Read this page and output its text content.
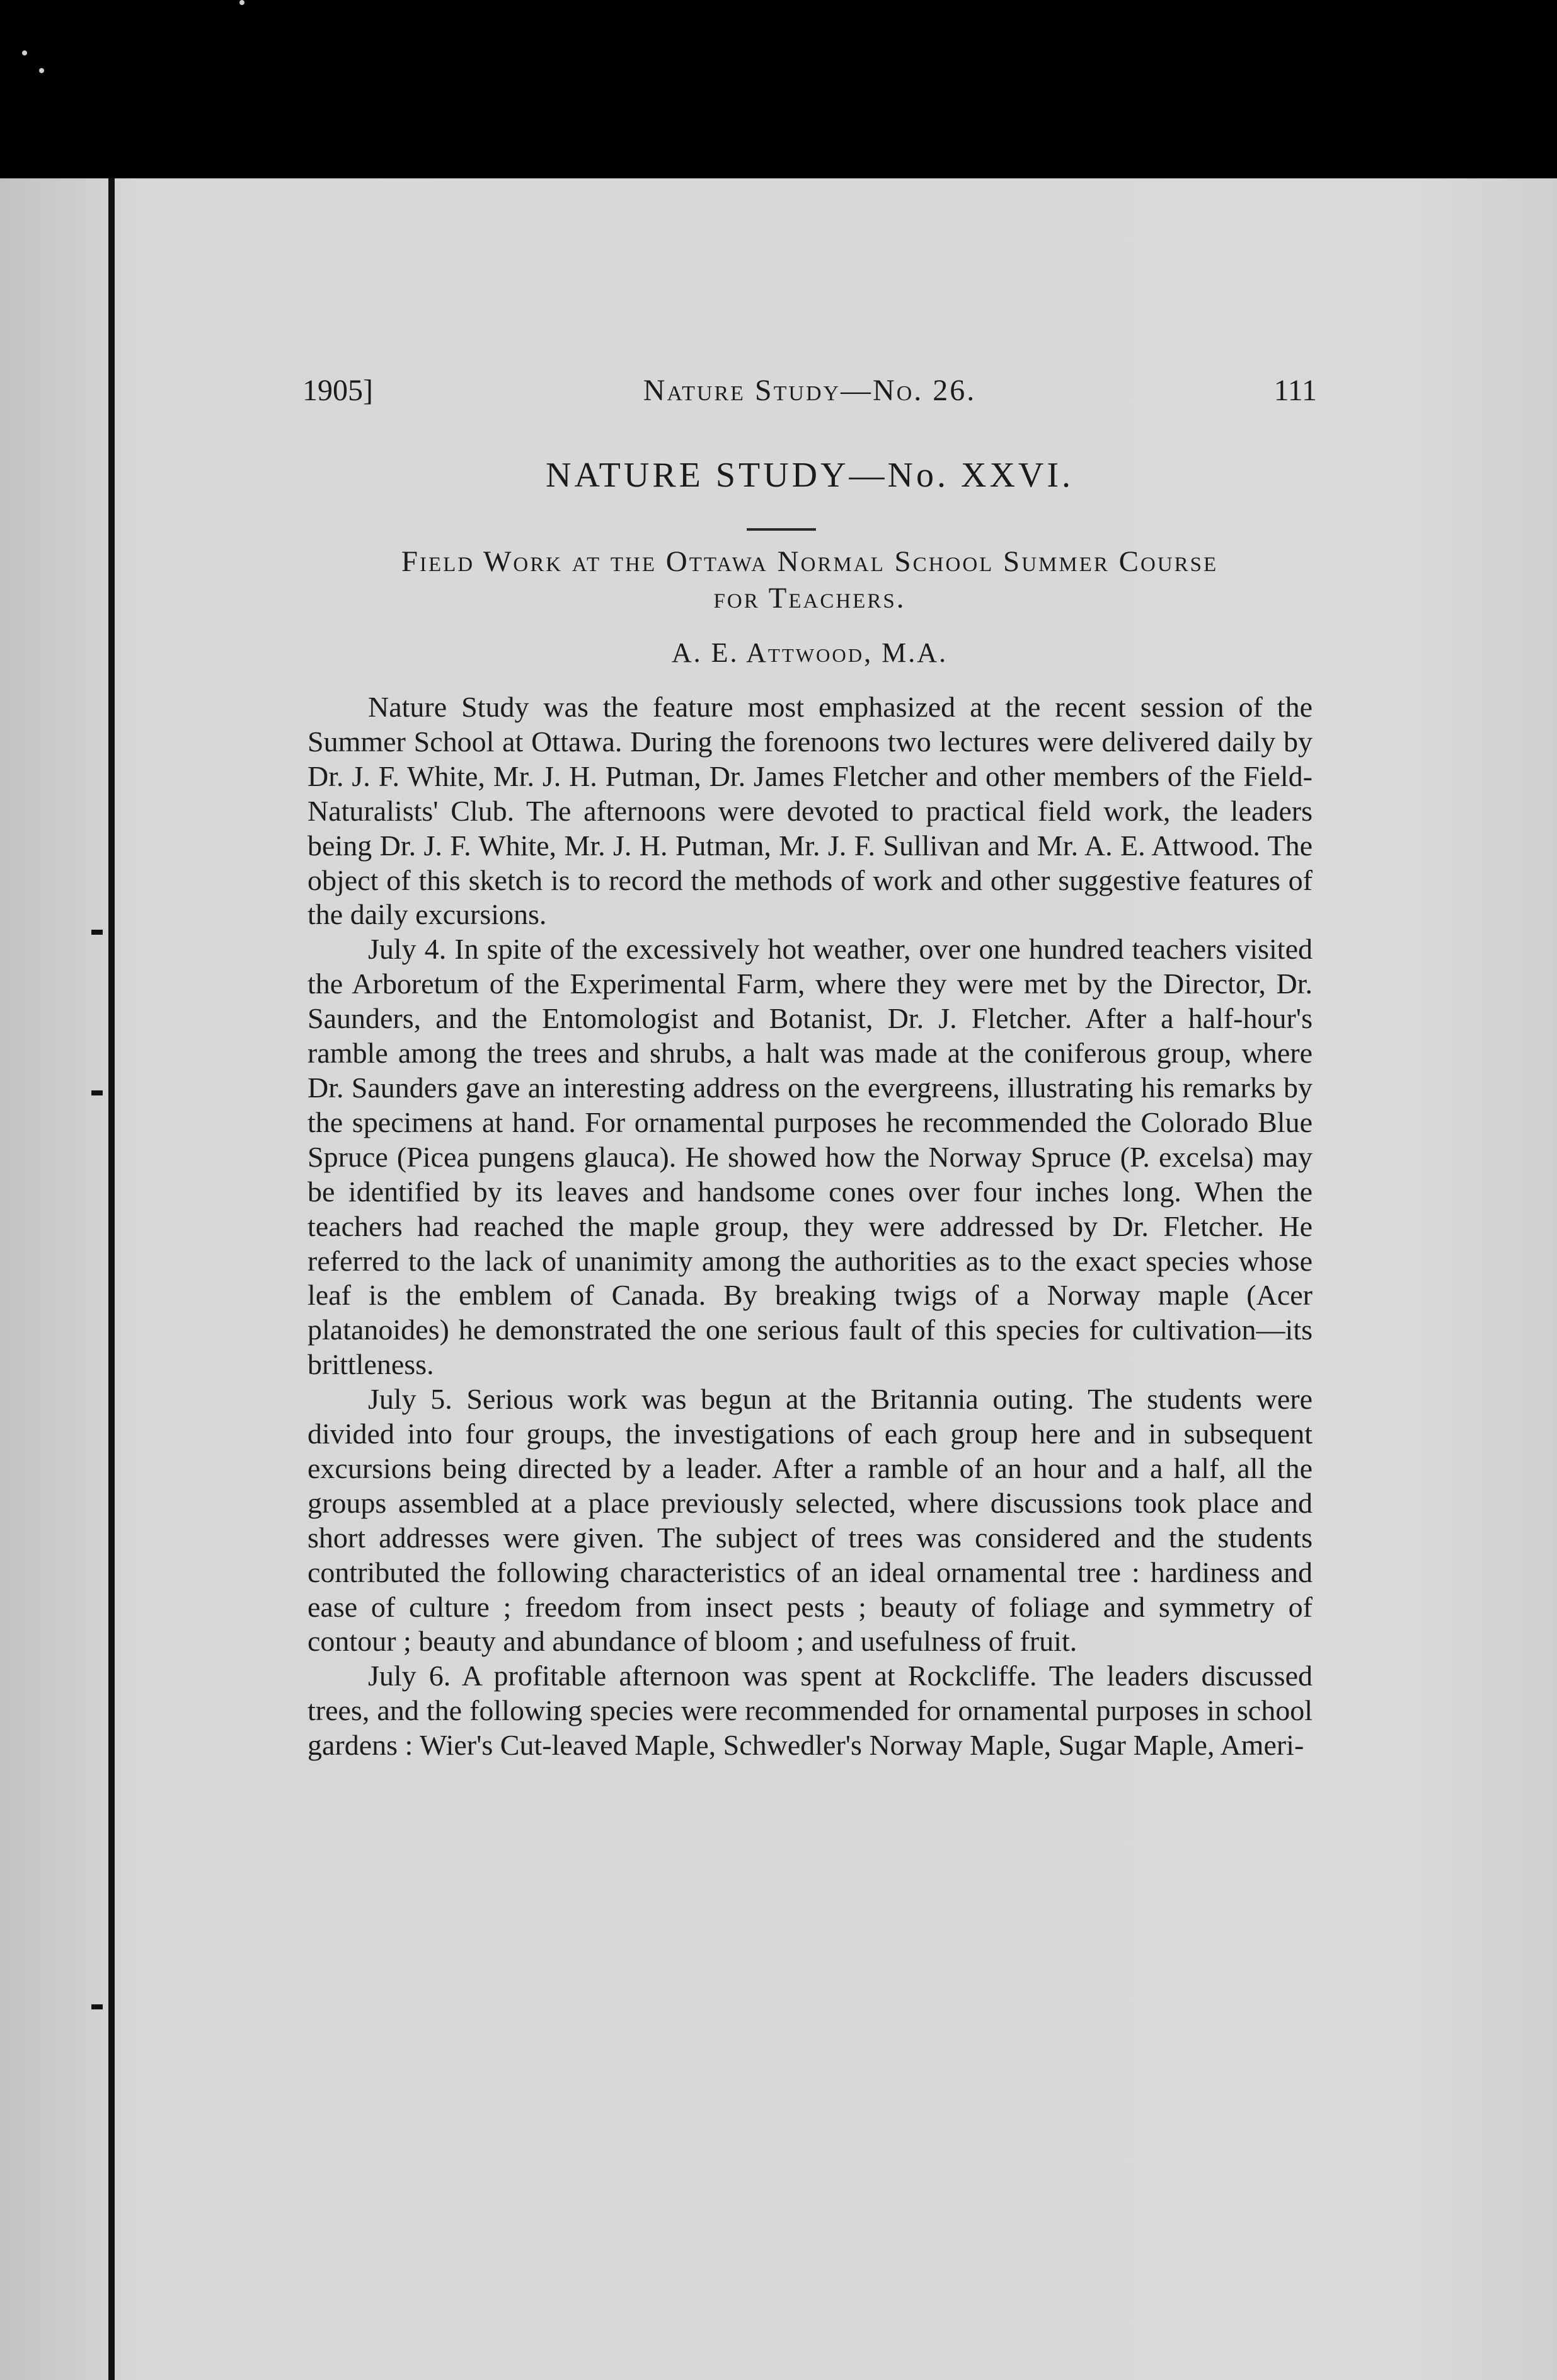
1905]	Nature Study—No. 26.	111
NATURE STUDY—No. XXVI.
Field Work at the Ottawa Normal School Summer Course
for Teachers.
A. E. Attwood, M.A.

Nature Study was the feature most emphasized at the recent session of the Summer School at Ottawa. During the forenoons two lectures were delivered daily by Dr. J. F. White, Mr. J. H. Putman, Dr. James Fletcher and other members of the Field-Naturalists' Club. The afternoons were devoted to practical field work, the leaders being Dr. J. F. White, Mr. J. H. Putman, Mr. J. F. Sullivan and Mr. A. E. Attwood. The object of this sketch is to record the methods of work and other suggestive features of the daily excursions.

July 4. In spite of the excessively hot weather, over one hundred teachers visited the Arboretum of the Experimental Farm, where they were met by the Director, Dr. Saunders, and the Entomologist and Botanist, Dr. J. Fletcher. After a half-hour's ramble among the trees and shrubs, a halt was made at the coniferous group, where Dr. Saunders gave an interesting address on the evergreens, illustrating his remarks by the specimens at hand. For ornamental purposes he recommended the Colorado Blue Spruce (Picea pungens glauca). He showed how the Norway Spruce (P. excelsa) may be identified by its leaves and handsome cones over four inches long. When the teachers had reached the maple group, they were addressed by Dr. Fletcher. He referred to the lack of unanimity among the authorities as to the exact species whose leaf is the emblem of Canada. By breaking twigs of a Norway maple (Acer platanoides) he demonstrated the one serious fault of this species for cultivation—its brittleness.

July 5. Serious work was begun at the Britannia outing. The students were divided into four groups, the investigations of each group here and in subsequent excursions being directed by a leader. After a ramble of an hour and a half, all the groups assembled at a place previously selected, where discussions took place and short addresses were given. The subject of trees was considered and the students contributed the following characteristics of an ideal ornamental tree : hardiness and ease of culture ; freedom from insect pests ; beauty of foliage and symmetry of contour ; beauty and abundance of bloom ; and usefulness of fruit.

July 6. A profitable afternoon was spent at Rockcliffe. The leaders discussed trees, and the following species were recommended for ornamental purposes in school gardens : Wier's Cut-leaved Maple, Schwedler's Norway Maple, Sugar Maple, Ameri-
